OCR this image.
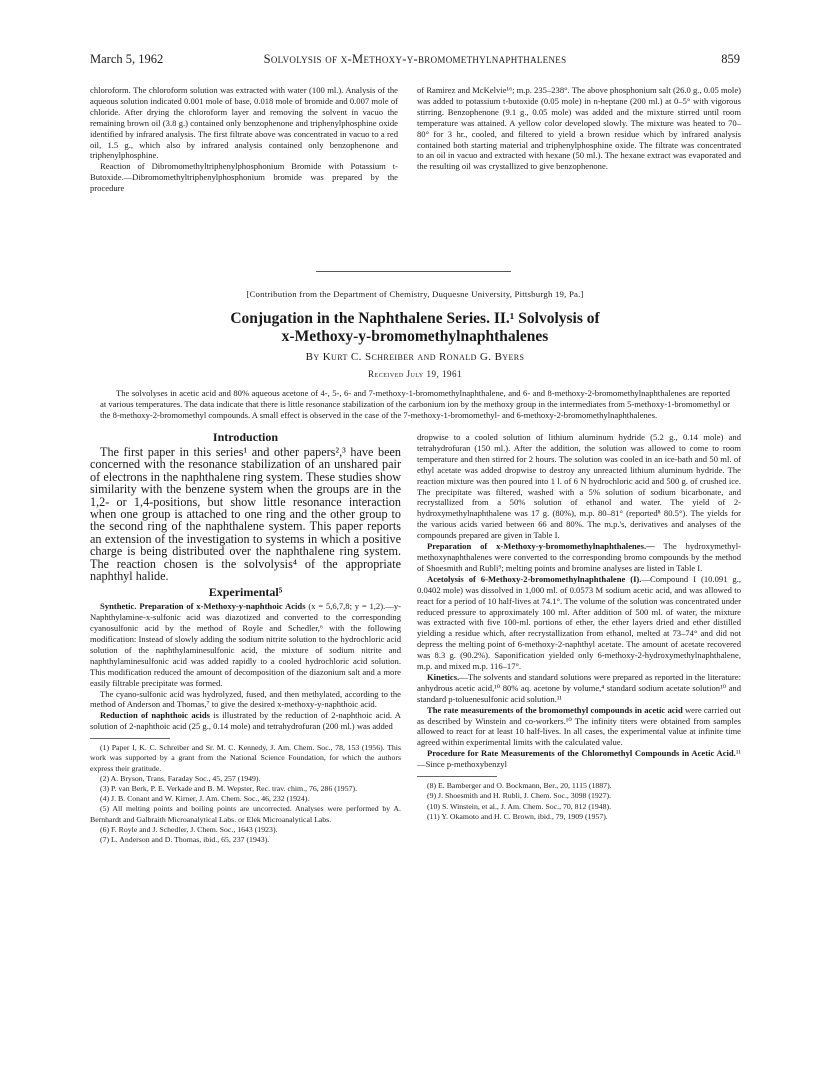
March 5, 1962	Solvolysis of x-Methoxy-y-bromomethylnaphthalenes	859

chloroform. The chloroform solution was extracted with water (100 ml.). Analysis of the aqueous solution indicated 0.001 mole of base, 0.018 mole of bromide and 0.007 mole of chloride. After drying the chloroform layer and removing the solvent in vacuo the remaining brown oil (3.8 g.) contained only benzophenone and triphenylphosphine oxide identified by infrared analysis. The first filtrate above was concentrated in vacuo to a red oil, 1.5 g., which also by infrared analysis contained only benzophenone and triphenylphosphine.

Reaction of Dibromomethyltriphenylphosphonium Bromide with Potassium t-Butoxide.—Dibromomethyltriphenylphosphonium bromide was prepared by the procedure

of Ramirez and McKelvie¹⁶; m.p. 235–238°. The above phosphonium salt (26.0 g., 0.05 mole) was added to potassium t-butoxide (0.05 mole) in n-heptane (200 ml.) at 0–5° with vigorous stirring. Benzophenone (9.1 g., 0.05 mole) was added and the mixture stirred until room temperature was attained. A yellow color developed slowly. The mixture was heated to 70–80° for 3 hr., cooled, and filtered to yield a brown residue which by infrared analysis contained both starting material and triphenylphosphine oxide. The filtrate was concentrated to an oil in vacuo and extracted with hexane (50 ml.). The hexane extract was evaporated and the resulting oil was crystallized to give benzophenone.

[Contribution from the Department of Chemistry, Duquesne University, Pittsburgh 19, Pa.]
Conjugation in the Naphthalene Series. II.¹ Solvolysis of
x-Methoxy-y-bromomethylnaphthalenes
By Kurt C. Schreiber and Ronald G. Byers
Received July 19, 1961
The solvolyses in acetic acid and 80% aqueous acetone of 4-, 5-, 6- and 7-methoxy-1-bromomethylnaphthalene, and 6- and 8-methoxy-2-bromomethylnaphthalenes are reported at various temperatures. The data indicate that there is little resonance stabilization of the carbonium ion by the methoxy group in the intermediates from 5-methoxy-1-bromomethyl or the 8-methoxy-2-bromomethyl compounds. A small effect is observed in the case of the 7-methoxy-1-bromomethyl- and 6-methoxy-2-bromomethylnaphthalenes.
Introduction

The first paper in this series¹ and other papers²,³ have been concerned with the resonance stabilization of an unshared pair of electrons in the naphthalene ring system. These studies show similarity with the benzene system when the groups are in the 1,2- or 1,4-positions, but show little resonance interaction when one group is attached to one ring and the other group to the second ring of the naphthalene system. This paper reports an extension of the investigation to systems in which a positive charge is being distributed over the naphthalene ring system. The reaction chosen is the solvolysis⁴ of the appropriate naphthyl halide.

Experimental⁵

Synthetic. Preparation of x-Methoxy-y-naphthoic Acids (x = 5,6,7,8; y = 1,2).—y-Naphthylamine-x-sulfonic acid was diazotized and converted to the corresponding cyanosulfonic acid by the method of Royle and Schedler,⁶ with the following modification: Instead of slowly adding the sodium nitrite solution to the hydrochloric acid solution of the naphthylaminesulfonic acid, the mixture of sodium nitrite and naphthylaminesulfonic acid was added rapidly to a cooled hydrochloric acid solution. This modification reduced the amount of decomposition of the diazonium salt and a more easily filtrable precipitate was formed.

The cyano-sulfonic acid was hydrolyzed, fused, and then methylated, according to the method of Anderson and Thomas,⁷ to give the desired x-methoxy-y-naphthoic acid.

Reduction of naphthoic acids is illustrated by the reduction of 2-naphthoic acid. A solution of 2-naphthoic acid (25 g., 0.14 mole) and tetrahydrofuran (200 ml.) was added

(1) Paper I, K. C. Schreiber and Sr. M. C. Kennedy, J. Am. Chem. Soc., 78, 153 (1956). This work was supported by a grant from the National Science Foundation, for which the authors express their gratitude.

(2) A. Bryson, Trans. Faraday Soc., 45, 257 (1949).

(3) P. van Berk, P. E. Verkade and B. M. Wepster, Rec. trav. chim., 76, 286 (1957).

(4) J. B. Conant and W. Kirner, J. Am. Chem. Soc., 46, 232 (1924).

(5) All melting points and boiling points are uncorrected. Analyses were performed by A. Bernhardt and Galbraith Microanalytical Labs. or Elek Microanalytical Labs.

(6) F. Royle and J. Schedler, J. Chem. Soc., 1643 (1923).

(7) L. Anderson and D. Thomas, ibid., 65, 237 (1943).

dropwise to a cooled solution of lithium aluminum hydride (5.2 g., 0.14 mole) and tetrahydrofuran (150 ml.). After the addition, the solution was allowed to come to room temperature and then stirred for 2 hours. The solution was cooled in an ice-bath and 50 ml. of ethyl acetate was added dropwise to destroy any unreacted lithium aluminum hydride. The reaction mixture was then poured into 1 l. of 6 N hydrochloric acid and 500 g. of crushed ice. The precipitate was filtered, washed with a 5% solution of sodium bicarbonate, and recrystallized from a 50% solution of ethanol and water. The yield of 2-hydroxymethylnaphthalene was 17 g. (80%), m.p. 80–81° (reported⁸ 80.5°). The yields for the various acids varied between 66 and 80%. The m.p.'s, derivatives and analyses of the compounds prepared are given in Table I.

Preparation of x-Methoxy-y-bromomethylnaphthalenes.— The hydroxymethyl-methoxynaphthalenes were converted to the corresponding bromo compounds by the method of Shoesmith and Rubli⁹; melting points and bromine analyses are listed in Table I.

Acetolysis of 6-Methoxy-2-bromomethylnaphthalene (I).—Compound I (10.091 g., 0.0402 mole) was dissolved in 1,000 ml. of 0.0573 M sodium acetic acid, and was allowed to react for a period of 10 half-lives at 74.1°. The volume of the solution was concentrated under reduced pressure to approximately 100 ml. After addition of 500 ml. of water, the mixture was extracted with five 100-ml. portions of ether, the ether layers dried and ether distilled yielding a residue which, after recrystallization from ethanol, melted at 73–74° and did not depress the melting point of 6-methoxy-2-naphthyl acetate. The amount of acetate recovered was 8.3 g. (90.2%). Saponification yielded only 6-methoxy-2-hydroxymethylnaphthalene, m.p. and mixed m.p. 116–17°.

Kinetics.—The solvents and standard solutions were prepared as reported in the literature: anhydrous acetic acid,¹⁰ 80% aq. acetone by volume,⁴ standard sodium acetate solution¹⁰ and standard p-toluenesulfonic acid solution.¹¹

The rate measurements of the bromomethyl compounds in acetic acid were carried out as described by Winstein and co-workers.¹⁰ The infinity titers were obtained from samples allowed to react for at least 10 half-lives. In all cases, the experimental value at infinite time agreed within experimental limits with the calculated value.

Procedure for Rate Measurements of the Chloromethyl Compounds in Acetic Acid.¹¹—Since p-methoxybenzyl

(8) E. Bamberger and O. Bockmann, Ber., 20, 1115 (1887).

(9) J. Shoesmith and H. Rubli, J. Chem. Soc., 3098 (1927).

(10) S. Winstein, et al., J. Am. Chem. Soc., 70, 812 (1948).

(11) Y. Okamoto and H. C. Brown, ibid., 79, 1909 (1957).
